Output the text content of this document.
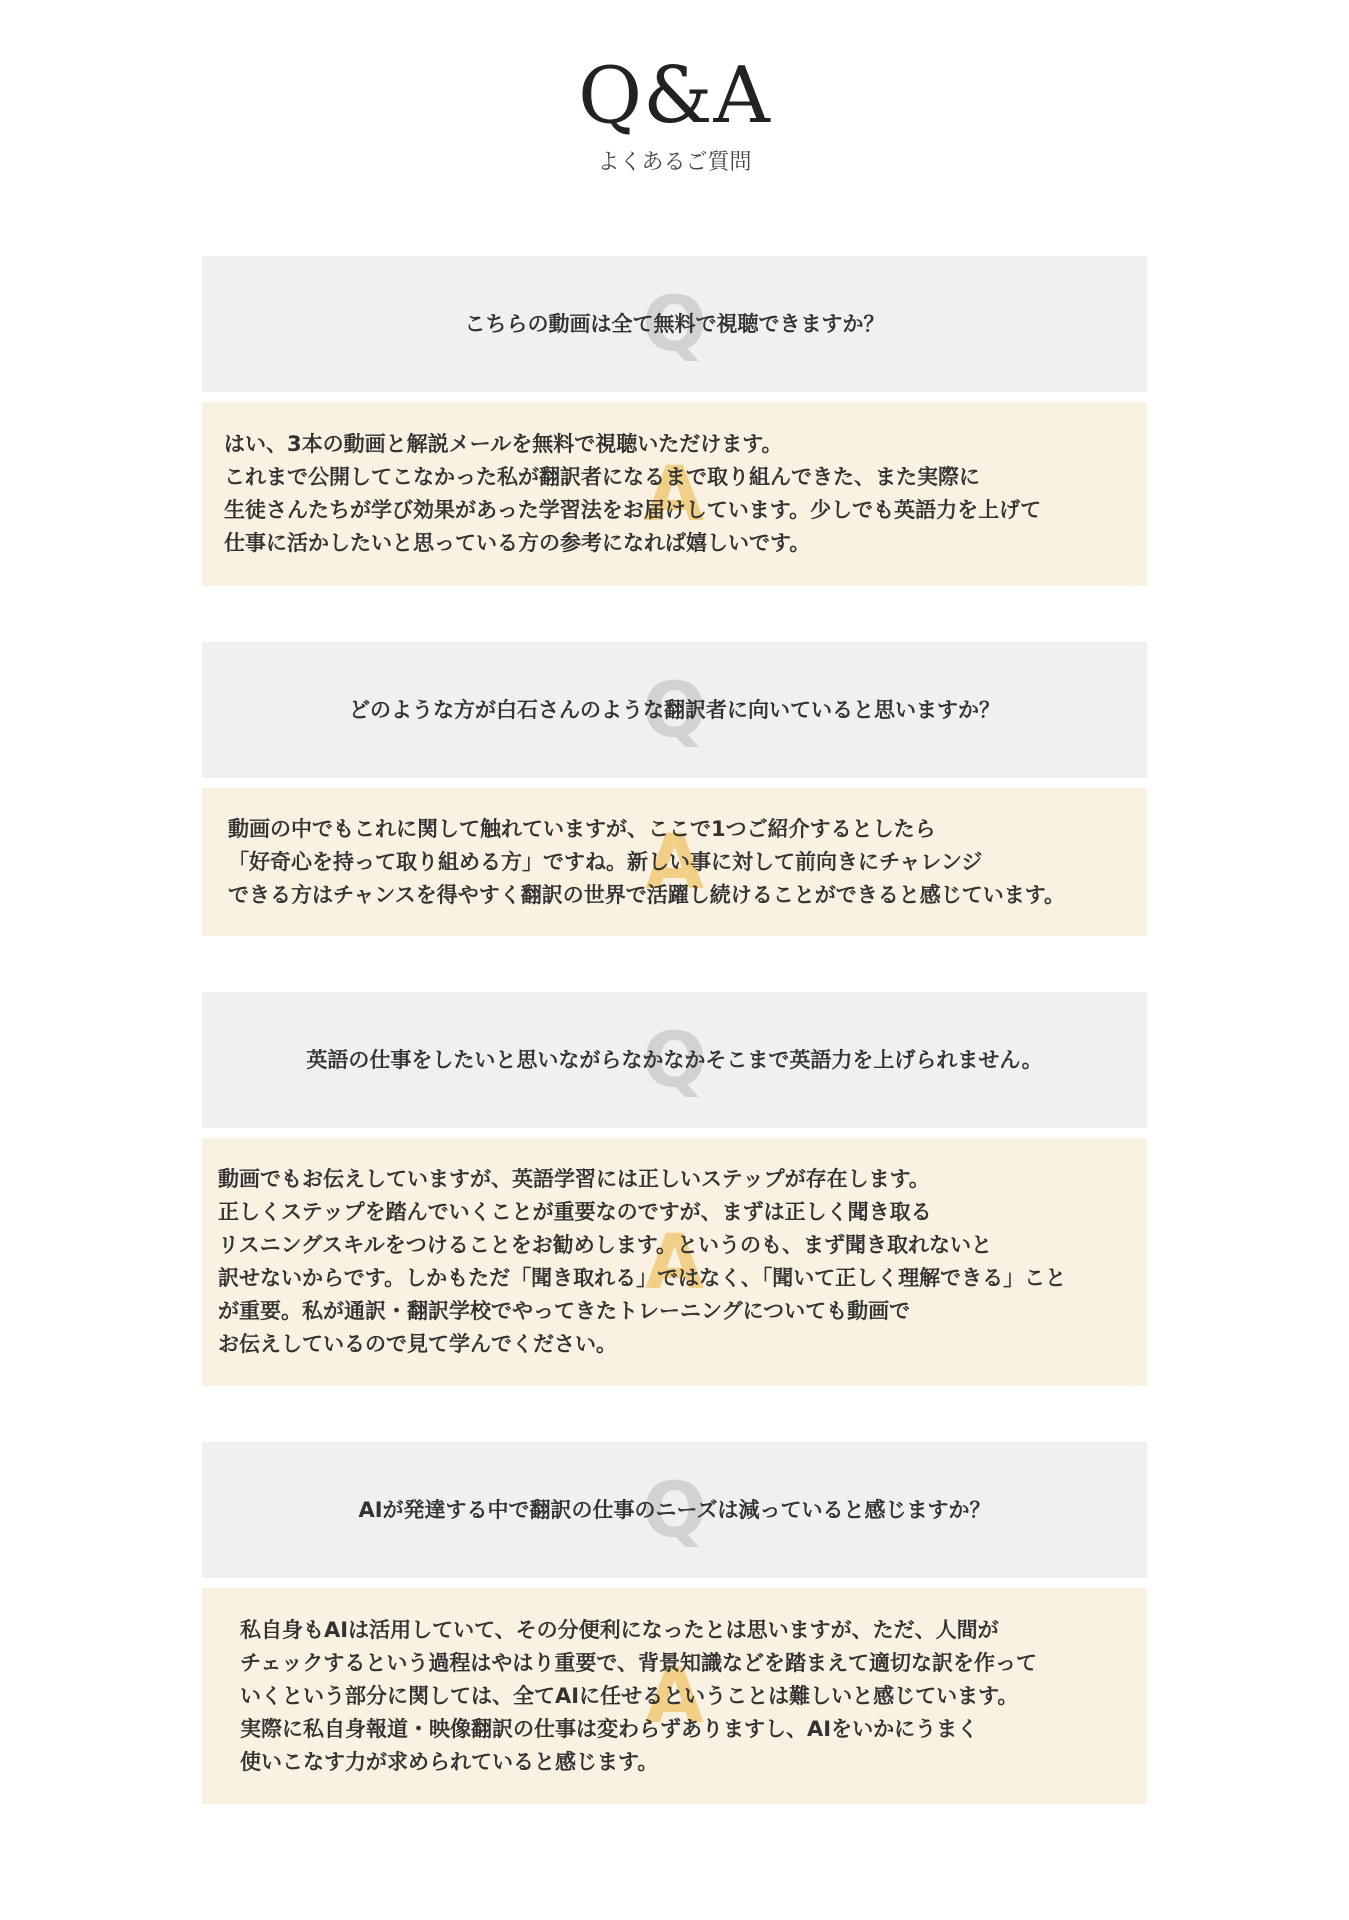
Q&A
よくあるご質問
Q
こちらの動画は全て無料で視聴できますか？
A
はい、3本の動画と解説メールを無料で視聴いただけます。
これまで公開してこなかった私が翻訳者になるまで取り組んできた、また実際に
生徒さんたちが学び効果があった学習法をお届けしています。少しでも英語力を上げて
仕事に活かしたいと思っている方の参考になれば嬉しいです。
Q
どのような方が白石さんのような翻訳者に向いていると思いますか？
A
動画の中でもこれに関して触れていますが、ここで1つご紹介するとしたら
「好奇心を持って取り組める方」ですね。新しい事に対して前向きにチャレンジ
できる方はチャンスを得やすく翻訳の世界で活躍し続けることができると感じています。
Q
英語の仕事をしたいと思いながらなかなかそこまで英語力を上げられません。
A
動画でもお伝えしていますが、英語学習には正しいステップが存在します。
正しくステップを踏んでいくことが重要なのですが、まずは正しく聞き取る
リスニングスキルをつけることをお勧めします。というのも、まず聞き取れないと
訳せないからです。しかもただ「聞き取れる」ではなく、「聞いて正しく理解できる」こと
が重要。私が通訳・翻訳学校でやってきたトレーニングについても動画で
お伝えしているので見て学んでください。
Q
AIが発達する中で翻訳の仕事のニーズは減っていると感じますか？
A
私自身もAIは活用していて、その分便利になったとは思いますが、ただ、人間が
チェックするという過程はやはり重要で、背景知識などを踏まえて適切な訳を作って
いくという部分に関しては、全てAIに任せるということは難しいと感じています。
実際に私自身報道・映像翻訳の仕事は変わらずありますし、AIをいかにうまく
使いこなす力が求められていると感じます。
